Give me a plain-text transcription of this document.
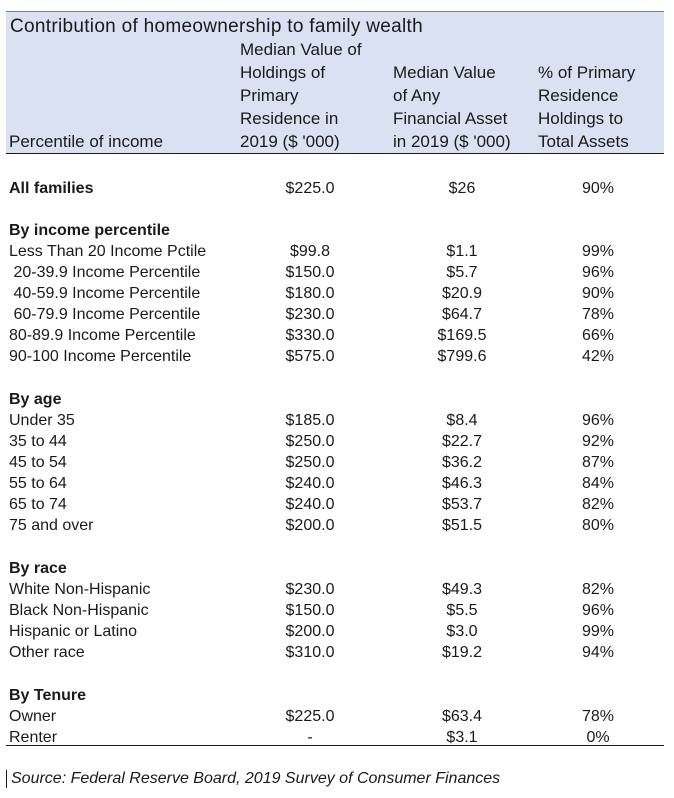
Contribution of homeownership to family wealth
Percentile of income
Median Value of
Holdings of
Primary
Residence in
2019 ($ '000)
Median Value
of Any
Financial Asset
in 2019 ($ '000)
% of Primary
Residence
Holdings to
Total Assets
All families	$225.0	$26	90%
By income percentile
Less Than 20 Income Pctile	$99.8	$1.1	99%
20-39.9 Income Percentile	$150.0	$5.7	96%
40-59.9 Income Percentile	$180.0	$20.9	90%
60-79.9 Income Percentile	$230.0	$64.7	78%
80-89.9 Income Percentile	$330.0	$169.5	66%
90-100 Income Percentile	$575.0	$799.6	42%
By age
Under 35	$185.0	$8.4	96%
35 to 44	$250.0	$22.7	92%
45 to 54	$250.0	$36.2	87%
55 to 64	$240.0	$46.3	84%
65 to 74	$240.0	$53.7	82%
75 and over	$200.0	$51.5	80%
By race
White Non-Hispanic	$230.0	$49.3	82%
Black Non-Hispanic	$150.0	$5.5	96%
Hispanic or Latino	$200.0	$3.0	99%
Other race	$310.0	$19.2	94%
By Tenure
Owner	$225.0	$63.4	78%
Renter	-	$3.1	0%
Source: Federal Reserve Board, 2019 Survey of Consumer Finances
